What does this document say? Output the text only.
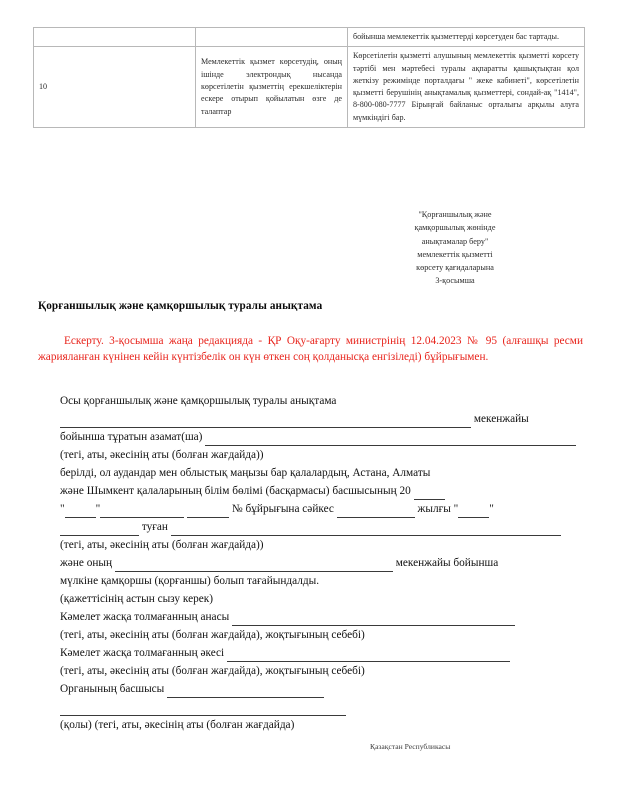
		бойынша мемлекеттік қызметтерді көрсетуден бас тартады.
10	Мемлекеттік қызмет көрсетудің, оның ішінде электрондық нысанда көрсетілетін қызметтің ерекшеліктерін ескере отырып қойылатын өзге де талаптар	Көрсетілетін қызметті алушының мемлекеттік қызметті көрсету тәртібі мен мәртебесі туралы ақпаратты қашықтықтан қол жеткізу режимінде порталдағы " жеке кабинеті", көрсетілетін қызметті берушінің анықтамалық қызметтері, сондай-ақ "1414", 8-800-080-7777 Бірыңғай байланыс орталығы арқылы алуға мүмкіндігі бар.
"Қорғаншылық және
қамқоршылық жөнінде
анықтамалар беру"
мемлекеттік қызметті
көрсету қағидаларына
3-қосымша
Қорғаншылық және қамқоршылық туралы анықтама
Ескерту. 3-қосымша жаңа редакцияда - ҚР Оқу-ағарту министрінің 12.04.2023 № 95 (алғашқы ресми жарияланған күнінен кейін күнтізбелік он күн өткен соң қолданысқа енгізіледі) бұйрығымен.
Осы қорғаншылық және қамқоршылық туралы анықтама
мекенжайы
бойынша тұратын азамат(ша)
(тегі, аты, әкесінің аты (болған жағдайда))
берілді, ол аудандар мен облыстық маңызы бар қалалардың, Астана, Алматы
және Шымкент қалаларының білім бөлімі (басқармасы) басшысының 20
"	"	№ бұйрығына сәйкес	жылғы "	"
туған
(тегі, аты, әкесінің аты (болған жағдайда))
және оның	мекенжайы бойынша
мүлкіне қамқоршы (қорғаншы) болып тағайындалды.
(қажеттісінің астын сызу керек)
Кәмелет жасқа толмағанның анасы
(тегі, аты, әкесінің аты (болған жағдайда), жоқтығының себебі)
Кәмелет жасқа толмағанның әкесі
(тегі, аты, әкесінің аты (болған жағдайда), жоқтығының себебі)
Органының басшысы
(қолы) (тегі, аты, әкесінің аты (болған жағдайда)
Қазақстан Республикасы
